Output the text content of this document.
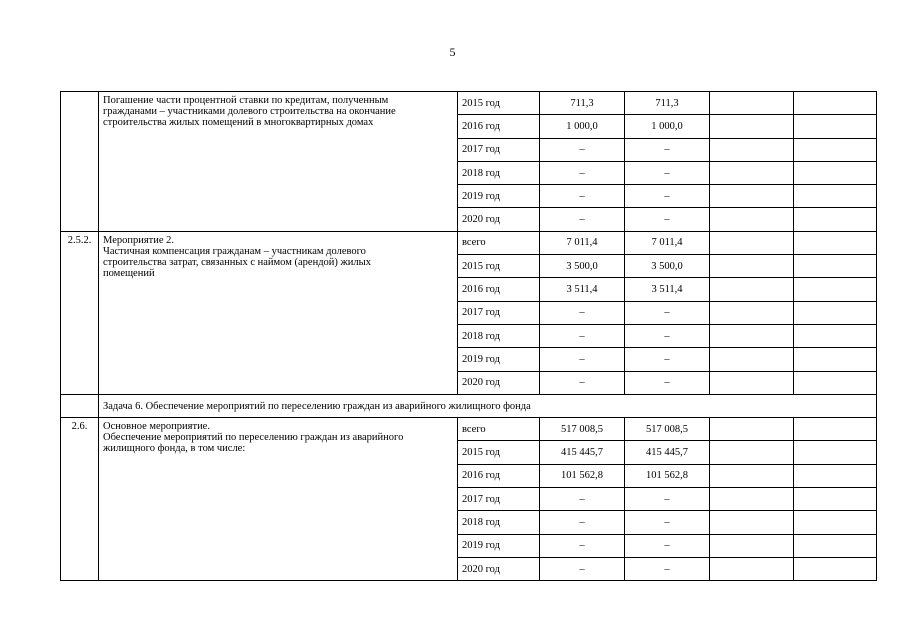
5

	Погашение части процентной ставки по кредитам, полученным
гражданами – участниками долевого строительства на окончание
строительства жилых помещений в многоквартирных домах	2015 год	711,3	711,3		
		2016 год	1 000,0	1 000,0		
		2017 год	–	–		
		2018 год	–	–		
		2019 год	–	–		
		2020 год	–	–		
2.5.2.	Мероприятие 2.
Частичная компенсация гражданам – участникам долевого
строительства затрат, связанных с наймом (арендой) жилых
помещений	всего	7 011,4	7 011,4		
		2015 год	3 500,0	3 500,0		
		2016 год	3 511,4	3 511,4		
		2017 год	–	–		
		2018 год	–	–		
		2019 год	–	–		
		2020 год	–	–		
	Задача 6. Обеспечение мероприятий по переселению граждан из аварийного жилищного фонда					
2.6.	Основное мероприятие.
Обеспечение мероприятий по переселению граждан из аварийного
жилищного фонда, в том числе:	всего	517 008,5	517 008,5		
		2015 год	415 445,7	415 445,7		
		2016 год	101 562,8	101 562,8		
		2017 год	–	–		
		2018 год	–	–		
		2019 год	–	–		
		2020 год	–	–		
